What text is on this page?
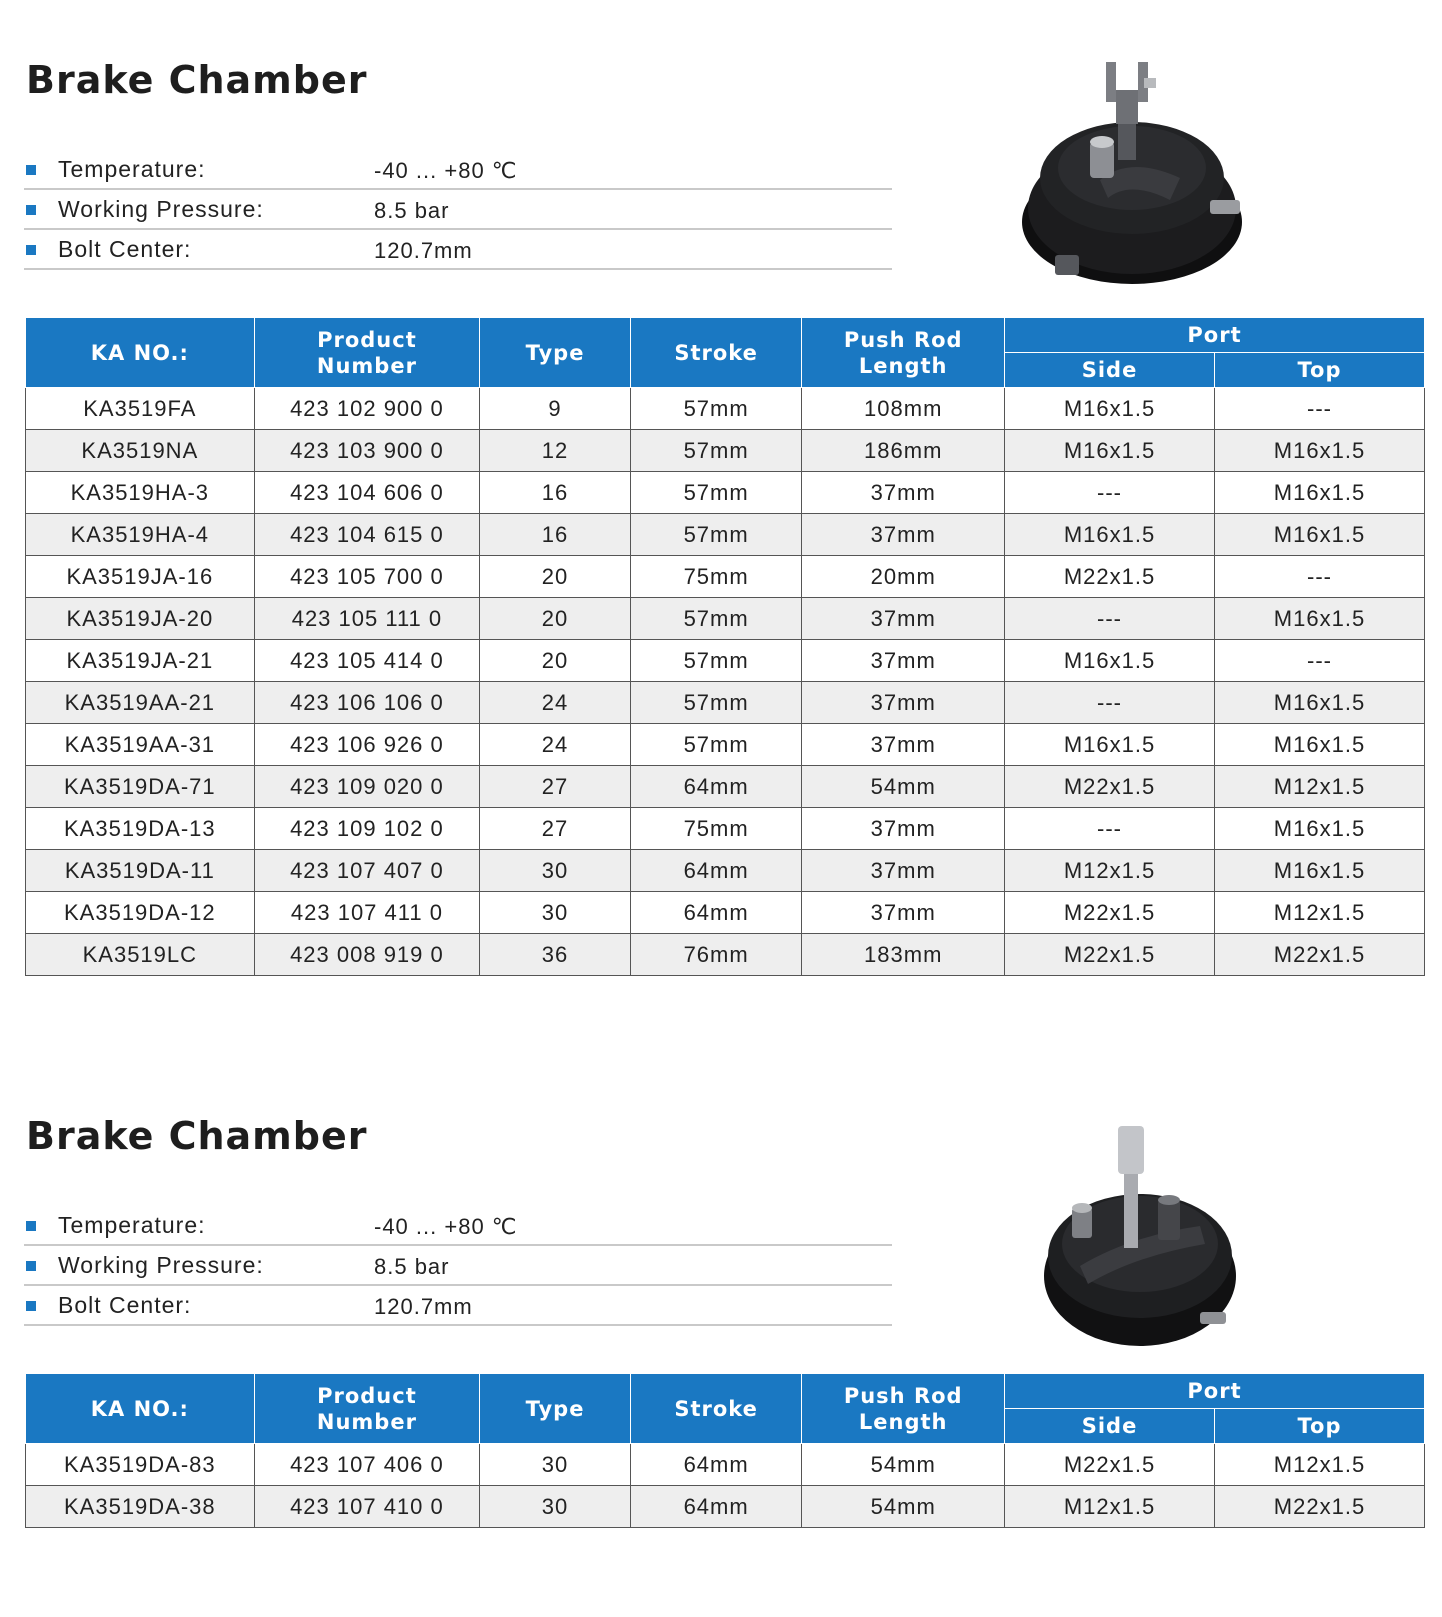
Brake Chamber
Temperature:	-40 ... +80 ℃
Working Pressure:	8.5 bar
Bolt Center:	120.7mm
KA NO.:	Product Number	Type	Stroke	Push Rod Length	Port	
					Side	Top
KA3519FA	423 102 900 0	9	57mm	108mm	M16x1.5	---
KA3519NA	423 103 900 0	12	57mm	186mm	M16x1.5	M16x1.5
KA3519HA-3	423 104 606 0	16	57mm	37mm	---	M16x1.5
KA3519HA-4	423 104 615 0	16	57mm	37mm	M16x1.5	M16x1.5
KA3519JA-16	423 105 700 0	20	75mm	20mm	M22x1.5	---
KA3519JA-20	423 105 111 0	20	57mm	37mm	---	M16x1.5
KA3519JA-21	423 105 414 0	20	57mm	37mm	M16x1.5	---
KA3519AA-21	423 106 106 0	24	57mm	37mm	---	M16x1.5
KA3519AA-31	423 106 926 0	24	57mm	37mm	M16x1.5	M16x1.5
KA3519DA-71	423 109 020 0	27	64mm	54mm	M22x1.5	M12x1.5
KA3519DA-13	423 109 102 0	27	75mm	37mm	---	M16x1.5
KA3519DA-11	423 107 407 0	30	64mm	37mm	M12x1.5	M16x1.5
KA3519DA-12	423 107 411 0	30	64mm	37mm	M22x1.5	M12x1.5
KA3519LC	423 008 919 0	36	76mm	183mm	M22x1.5	M22x1.5
Brake Chamber
Temperature:	-40 ... +80 ℃
Working Pressure:	8.5 bar
Bolt Center:	120.7mm
KA NO.:	Product Number	Type	Stroke	Push Rod Length	Port	
					Side	Top
KA3519DA-83	423 107 406 0	30	64mm	54mm	M22x1.5	M12x1.5
KA3519DA-38	423 107 410 0	30	64mm	54mm	M12x1.5	M22x1.5
